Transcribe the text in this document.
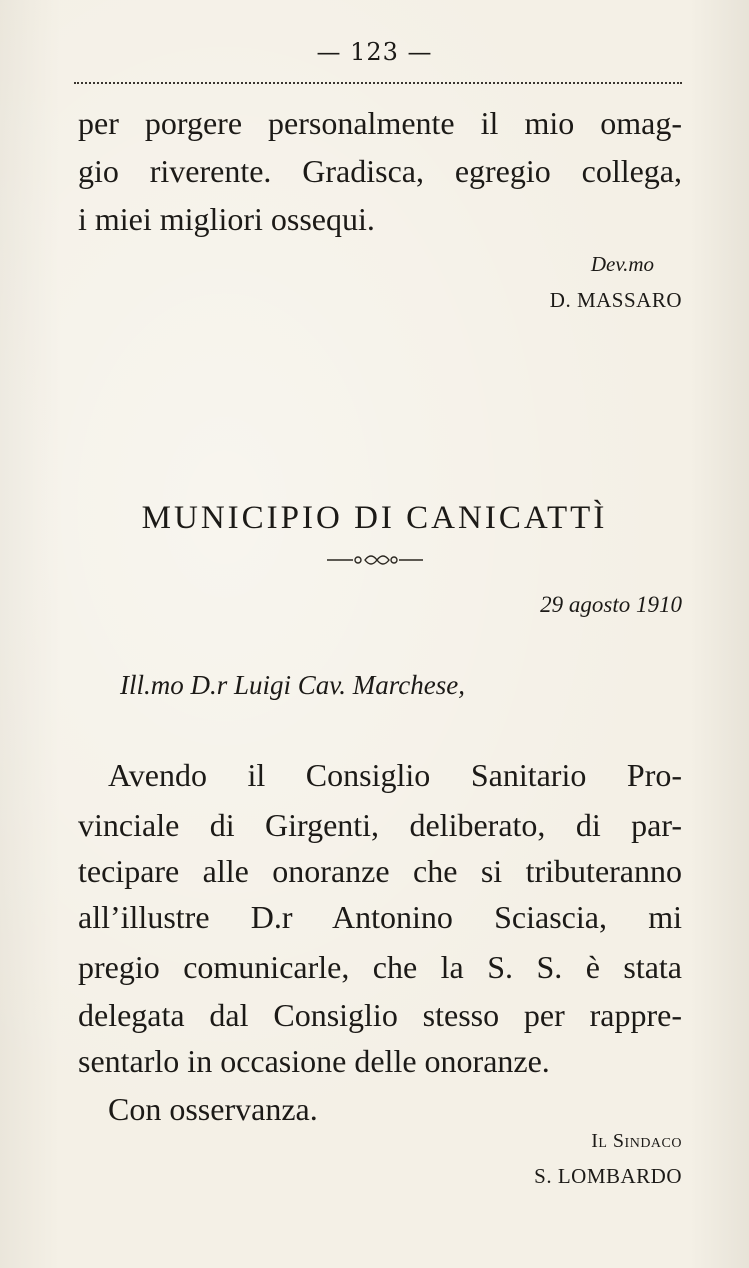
— 123 —
per porgere personalmente il mio omag-
gio riverente. Gradisca, egregio collega,
i miei migliori ossequi.
Dev.mo
D. MASSARO
MUNICIPIO DI CANICATTÌ
29 agosto 1910
Ill.mo D.r Luigi Cav. Marchese,
Avendo il Consiglio Sanitario Pro-
vinciale di Girgenti, deliberato, di par-
tecipare alle onoranze che si tributeranno
all’illustre D.r Antonino Sciascia, mi
pregio comunicarle, che la S. S. è stata
delegata dal Consiglio stesso per rappre-
sentarlo in occasione delle onoranze.
Con osservanza.
Il Sindaco
S. LOMBARDO
